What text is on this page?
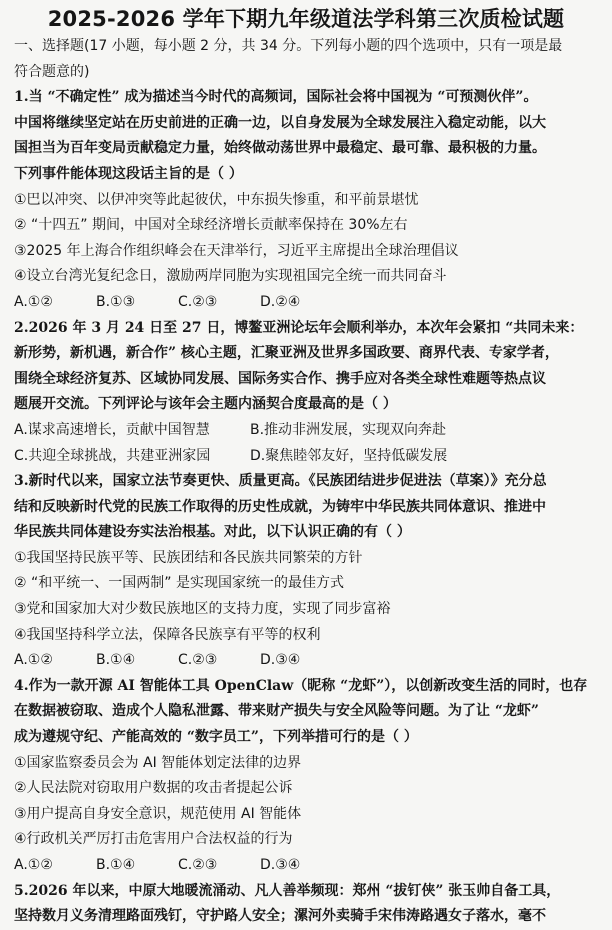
2025-2026 学年下期九年级道法学科第三次质检试题
一、选择题(17 小题，每小题 2 分，共 34 分。下列每小题的四个选项中，只有一项是最
符合题意的)
1.当 “不确定性” 成为描述当今时代的高频词，国际社会将中国视为 “可预测伙伴”。
中国将继续坚定站在历史前进的正确一边，以自身发展为全球发展注入稳定动能，以大
国担当为百年变局贡献稳定力量，始终做动荡世界中最稳定、最可靠、最积极的力量。
下列事件能体现这段话主旨的是（ ）
①巴以冲突、以伊冲突等此起彼伏，中东损失惨重，和平前景堪忧
② “十四五” 期间，中国对全球经济增长贡献率保持在 30%左右
③2025 年上海合作组织峰会在天津举行，习近平主席提出全球治理倡议
④设立台湾光复纪念日，激励两岸同胞为实现祖国完全统一而共同奋斗
A.①②	B.①③	C.②③	D.②④
2.2026 年 3 月 24 日至 27 日，博鳌亚洲论坛年会顺利举办，本次年会紧扣 “共同未来：
新形势，新机遇，新合作” 核心主题，汇聚亚洲及世界多国政要、商界代表、专家学者，
围绕全球经济复苏、区域协同发展、国际务实合作、携手应对各类全球性难题等热点议
题展开交流。下列评论与该年会主题内涵契合度最高的是（ ）
A.谋求高速增长，贡献中国智慧	B.推动非洲发展，实现双向奔赴
C.共迎全球挑战，共建亚洲家园	D.聚焦睦邻友好，坚持低碳发展
3.新时代以来，国家立法节奏更快、质量更高。《民族团结进步促进法（草案）》充分总
结和反映新时代党的民族工作取得的历史性成就，为铸牢中华民族共同体意识、推进中
华民族共同体建设夯实法治根基。对此，以下认识正确的有（ ）
①我国坚持民族平等、民族团结和各民族共同繁荣的方针
② “和平统一、一国两制” 是实现国家统一的最佳方式
③党和国家加大对少数民族地区的支持力度，实现了同步富裕
④我国坚持科学立法，保障各民族享有平等的权利
A.①②	B.①④	C.②③	D.③④
4.作为一款开源 AI 智能体工具 OpenClaw（昵称 “龙虾”），以创新改变生活的同时，也存
在数据被窃取、造成个人隐私泄露、带来财产损失与安全风险等问题。为了让 “龙虾”
成为遵规守纪、产能高效的 “数字员工”，下列举措可行的是（ ）
①国家监察委员会为 AI 智能体划定法律的边界
②人民法院对窃取用户数据的攻击者提起公诉
③用户提高自身安全意识，规范使用 AI 智能体
④行政机关严厉打击危害用户合法权益的行为
A.①②	B.①④	C.②③	D.③④
5.2026 年以来，中原大地暖流涌动、凡人善举频现：郑州 “拔钉侠” 张玉帅自备工具，
坚持数月义务清理路面残钉，守护路人安全；漯河外卖骑手宋伟涛路遇女子落水，毫不
